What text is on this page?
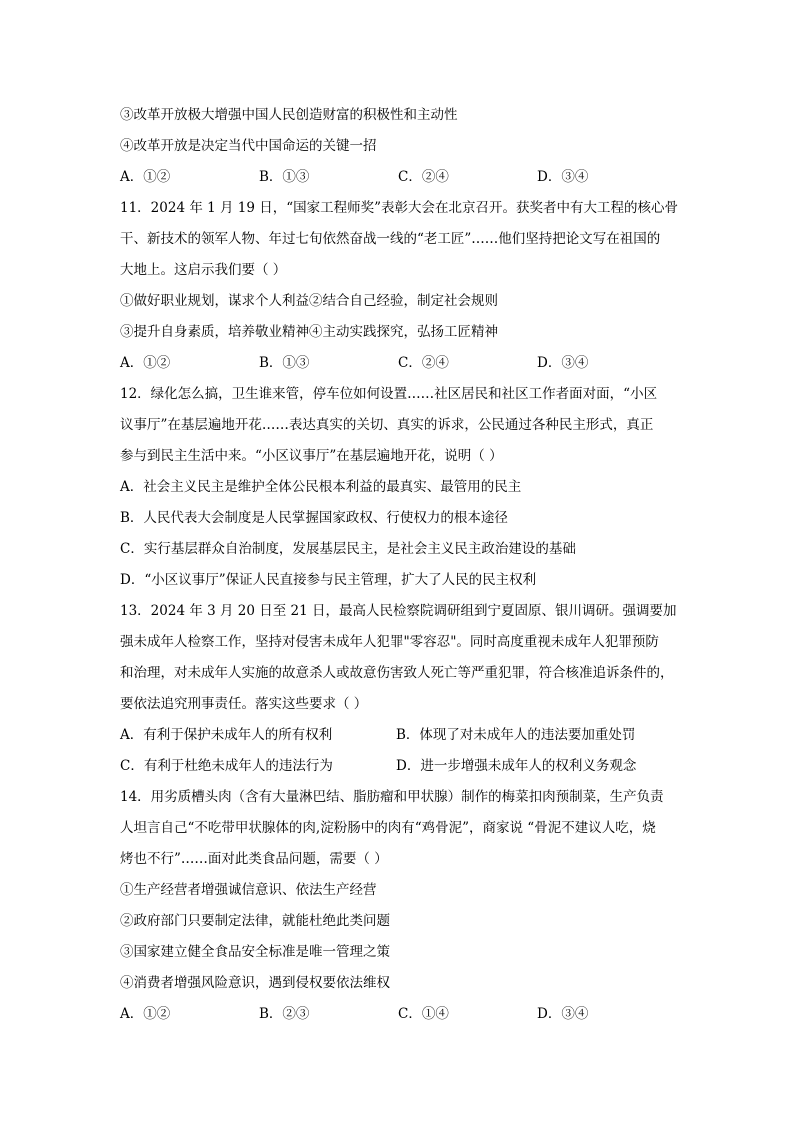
③改革开放极大增强中国人民创造财富的积极性和主动性
④改革开放是决定当代中国命运的关键一招
A．①②	B．①③	C．②④	D．③④
11．2024 年 1 月 19 日，“国家工程师奖”表彰大会在北京召开。获奖者中有大工程的核心骨
干、新技术的领军人物、年过七旬依然奋战一线的“老工匠”……他们坚持把论文写在祖国的
大地上。这启示我们要（ ）
①做好职业规划，谋求个人利益②结合自己经验，制定社会规则
③提升自身素质，培养敬业精神④主动实践探究，弘扬工匠精神
A．①②	B．①③	C．②④	D．③④
12．绿化怎么搞，卫生谁来管，停车位如何设置……社区居民和社区工作者面对面，“小区
议事厅”在基层遍地开花……表达真实的关切、真实的诉求，公民通过各种民主形式，真正
参与到民主生活中来。“小区议事厅”在基层遍地开花，说明（ ）
A．社会主义民主是维护全体公民根本利益的最真实、最管用的民主
B．人民代表大会制度是人民掌握国家政权、行使权力的根本途径
C．实行基层群众自治制度，发展基层民主，是社会主义民主政治建设的基础
D．“小区议事厅”保证人民直接参与民主管理，扩大了人民的民主权利
13．2024 年 3 月 20 日至 21 日，最高人民检察院调研组到宁夏固原、银川调研。强调要加
强未成年人检察工作，坚持对侵害未成年人犯罪"零容忍"。同时高度重视未成年人犯罪预防
和治理，对未成年人实施的故意杀人或故意伤害致人死亡等严重犯罪，符合核准追诉条件的，
要依法追究刑事责任。落实这些要求（ ）
A．有利于保护未成年人的所有权利	B．体现了对未成年人的违法要加重处罚
C．有利于杜绝未成年人的违法行为	D．进一步增强未成年人的权利义务观念
14．用劣质槽头肉（含有大量淋巴结、脂肪瘤和甲状腺）制作的梅菜扣肉预制菜，生产负责
人坦言自己“不吃带甲状腺体的肉,淀粉肠中的肉有“鸡骨泥”，商家说 “骨泥不建议人吃，烧
烤也不行”……面对此类食品问题，需要（ ）
①生产经营者增强诚信意识、依法生产经营
②政府部门只要制定法律，就能杜绝此类问题
③国家建立健全食品安全标准是唯一管理之策
④消费者增强风险意识，遇到侵权要依法维权
A．①②	B．②③	C．①④	D．③④
